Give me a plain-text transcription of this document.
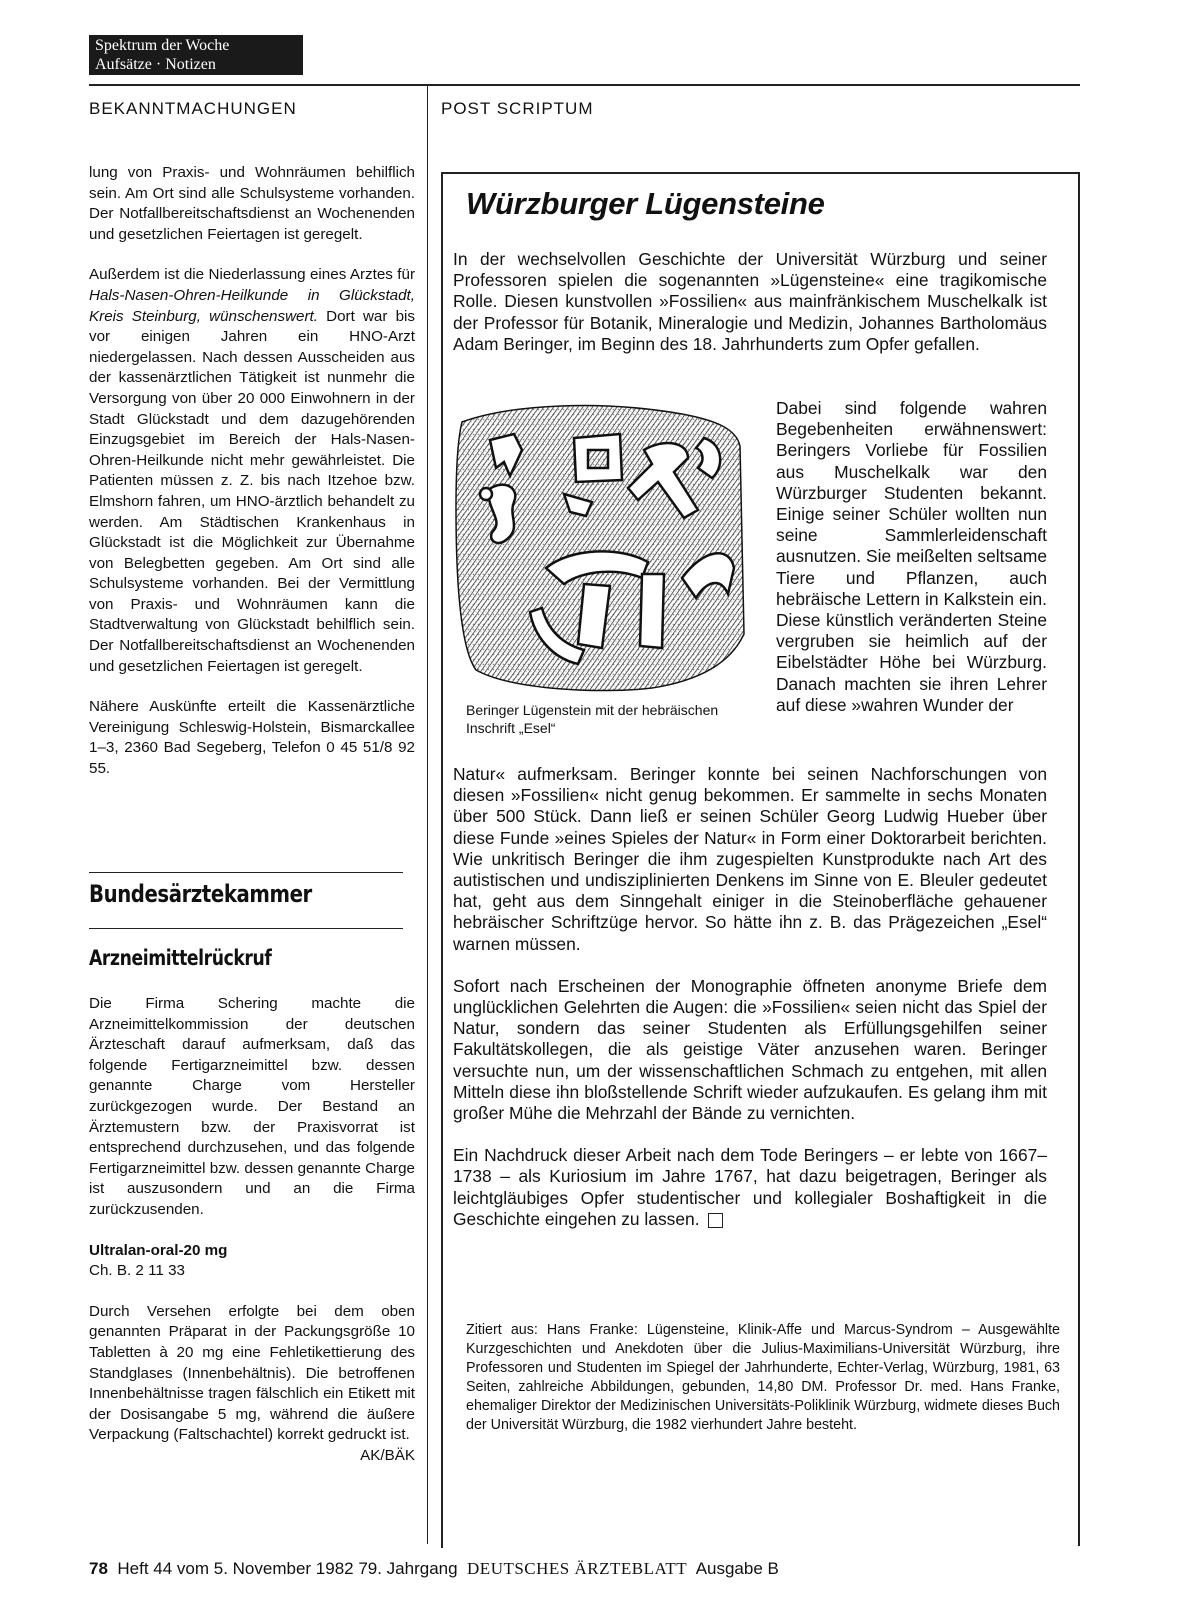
Spektrum der Woche
Aufsätze · Notizen
BEKANNTMACHUNGEN	POST SCRIPTUM

lung von Praxis- und Wohnräumen behilflich sein. Am Ort sind alle Schulsysteme vorhanden. Der Notfallbereitschaftsdienst an Wochenenden und gesetzlichen Feiertagen ist geregelt.

Außerdem ist die Niederlassung eines Arztes für Hals-Nasen-Ohren-Heilkunde in Glückstadt, Kreis Steinburg, wünschenswert. Dort war bis vor einigen Jahren ein HNO-Arzt niedergelassen. Nach dessen Ausscheiden aus der kassenärztlichen Tätigkeit ist nunmehr die Versorgung von über 20 000 Einwohnern in der Stadt Glückstadt und dem dazugehörenden Einzugsgebiet im Bereich der Hals-Nasen-Ohren-Heilkunde nicht mehr gewährleistet. Die Patienten müssen z. Z. bis nach Itzehoe bzw. Elmshorn fahren, um HNO-ärztlich behandelt zu werden. Am Städtischen Krankenhaus in Glückstadt ist die Möglichkeit zur Übernahme von Belegbetten gegeben. Am Ort sind alle Schulsysteme vorhanden. Bei der Vermittlung von Praxis- und Wohnräumen kann die Stadtverwaltung von Glückstadt behilflich sein. Der Notfallbereitschaftsdienst an Wochenenden und gesetzlichen Feiertagen ist geregelt.

Nähere Auskünfte erteilt die Kassenärztliche Vereinigung Schleswig-Holstein, Bismarckallee 1–3, 2360 Bad Segeberg, Telefon 0 45 51/8 92 55.

Bundesärztekammer
Arzneimittelrückruf

Die Firma Schering machte die Arzneimittelkommission der deutschen Ärzteschaft darauf aufmerksam, daß das folgende Fertigarzneimittel bzw. dessen genannte Charge vom Hersteller zurückgezogen wurde. Der Bestand an Ärztemustern bzw. der Praxisvorrat ist entsprechend durchzusehen, und das folgende Fertigarzneimittel bzw. dessen genannte Charge ist auszusondern und an die Firma zurückzusenden.

Ultralan-oral-20 mg
Ch. B. 2 11 33

Durch Versehen erfolgte bei dem oben genannten Präparat in der Packungsgröße 10 Tabletten à 20 mg eine Fehletikettierung des Standglases (Innenbehältnis). Die betroffenen Innenbehältnisse tragen fälschlich ein Etikett mit der Dosisangabe 5 mg, während die äußere Verpackung (Faltschachtel) korrekt gedruckt ist.
AK/BÄK

Würzburger Lügensteine
In der wechselvollen Geschichte der Universität Würzburg und seiner Professoren spielen die sogenannten »Lügensteine« eine tragikomische Rolle. Diesen kunstvollen »Fossilien« aus mainfränkischem Muschelkalk ist der Professor für Botanik, Mineralogie und Medizin, Johannes Bartholomäus Adam Beringer, im Beginn des 18. Jahrhunderts zum Opfer gefallen.
Dabei sind folgende wahren Begebenheiten erwähnenswert: Beringers Vorliebe für Fossilien aus Muschelkalk war den Würzburger Studenten bekannt. Einige seiner Schüler wollten nun seine Sammlerleidenschaft ausnutzen. Sie meißelten seltsame Tiere und Pflanzen, auch hebräische Lettern in Kalkstein ein. Diese künstlich veränderten Steine vergruben sie heimlich auf der Eibelstädter Höhe bei Würzburg. Danach machten sie ihren Lehrer auf diese »wahren Wunder der
Beringer Lügenstein mit der hebräischen Inschrift „Esel“

Natur« aufmerksam. Beringer konnte bei seinen Nachforschungen von diesen »Fossilien« nicht genug bekommen. Er sammelte in sechs Monaten über 500 Stück. Dann ließ er seinen Schüler Georg Ludwig Hueber über diese Funde »eines Spieles der Natur« in Form einer Doktorarbeit berichten. Wie unkritisch Beringer die ihm zugespielten Kunstprodukte nach Art des autistischen und undisziplinierten Denkens im Sinne von E. Bleuler gedeutet hat, geht aus dem Sinngehalt einiger in die Steinoberfläche gehauener hebräischer Schriftzüge hervor. So hätte ihn z. B. das Prägezeichen „Esel“ warnen müssen.

Sofort nach Erscheinen der Monographie öffneten anonyme Briefe dem unglücklichen Gelehrten die Augen: die »Fossilien« seien nicht das Spiel der Natur, sondern das seiner Studenten als Erfüllungsgehilfen seiner Fakultätskollegen, die als geistige Väter anzusehen waren. Beringer versuchte nun, um der wissenschaftlichen Schmach zu entgehen, mit allen Mitteln diese ihn bloßstellende Schrift wieder aufzukaufen. Es gelang ihm mit großer Mühe die Mehrzahl der Bände zu vernichten.

Ein Nachdruck dieser Arbeit nach dem Tode Beringers – er lebte von 1667–1738 – als Kuriosium im Jahre 1767, hat dazu beigetragen, Beringer als leichtgläubiges Opfer studentischer und kollegialer Boshaftigkeit in die Geschichte eingehen zu lassen.

Zitiert aus: Hans Franke: Lügensteine, Klinik-Affe und Marcus-Syndrom – Ausgewählte Kurzgeschichten und Anekdoten über die Julius-Maximilians-Universität Würzburg, ihre Professoren und Studenten im Spiegel der Jahrhunderte, Echter-Verlag, Würzburg, 1981, 63 Seiten, zahlreiche Abbildungen, gebunden, 14,80 DM. Professor Dr. med. Hans Franke, ehemaliger Direktor der Medizinischen Universitäts-Poliklinik Würzburg, widmete dieses Buch der Universität Würzburg, die 1982 vierhundert Jahre besteht.
78 Heft 44 vom 5. November 1982 79. Jahrgang DEUTSCHES ÄRZTEBLATT Ausgabe B
